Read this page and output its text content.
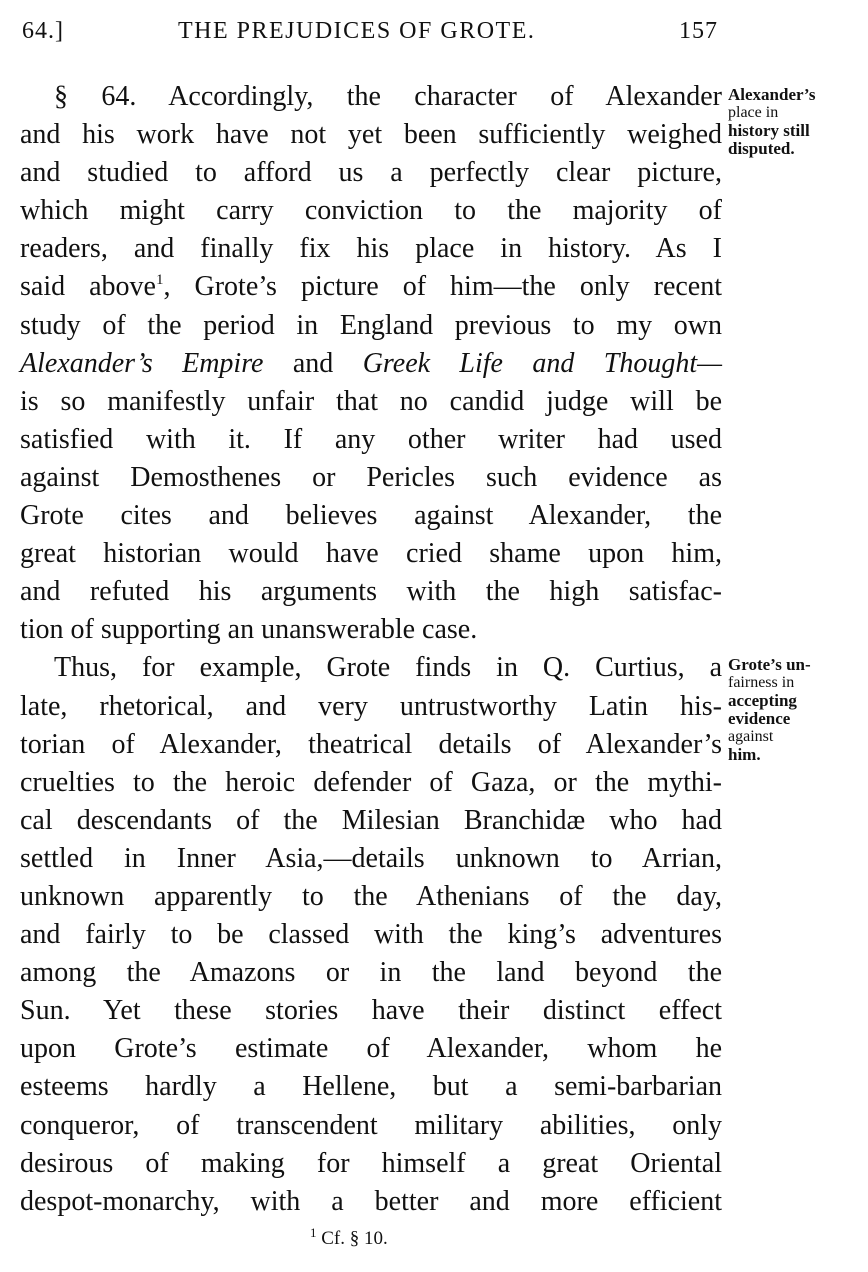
64.]	THE PREJUDICES OF GROTE.	157
§ 64. Accordingly, the character of Alexander
and his work have not yet been sufficiently weighed
and studied to afford us a perfectly clear picture,
which might carry conviction to the majority of
readers, and finally fix his place in history. As I
said above$^1$, Grote’s picture of him—the only recent
study of the period in England previous to my own
Alexander’s Empire and Greek Life and Thought—
is so manifestly unfair that no candid judge will be
satisfied with it. If any other writer had used
against Demosthenes or Pericles such evidence as
Grote cites and believes against Alexander, the
great historian would have cried shame upon him,
and refuted his arguments with the high satisfac-
tion of supporting an unanswerable case.
Thus, for example, Grote finds in Q. Curtius, a
late, rhetorical, and very untrustworthy Latin his-
torian of Alexander, theatrical details of Alexander’s
cruelties to the heroic defender of Gaza, or the mythi-
cal descendants of the Milesian Branchidæ who had
settled in Inner Asia,—details unknown to Arrian,
unknown apparently to the Athenians of the day,
and fairly to be classed with the king’s adventures
among the Amazons or in the land beyond the
Sun. Yet these stories have their distinct effect
upon Grote’s estimate of Alexander, whom he
esteems hardly a Hellene, but a semi-barbarian
conqueror, of transcendent military abilities, only
desirous of making for himself a great Oriental
despot-monarchy, with a better and more efficient
Alexander’s
place in
history still
disputed.
Grote’s un-
fairness in
accepting
evidence
against
him.
$^1$ Cf. § 10.
